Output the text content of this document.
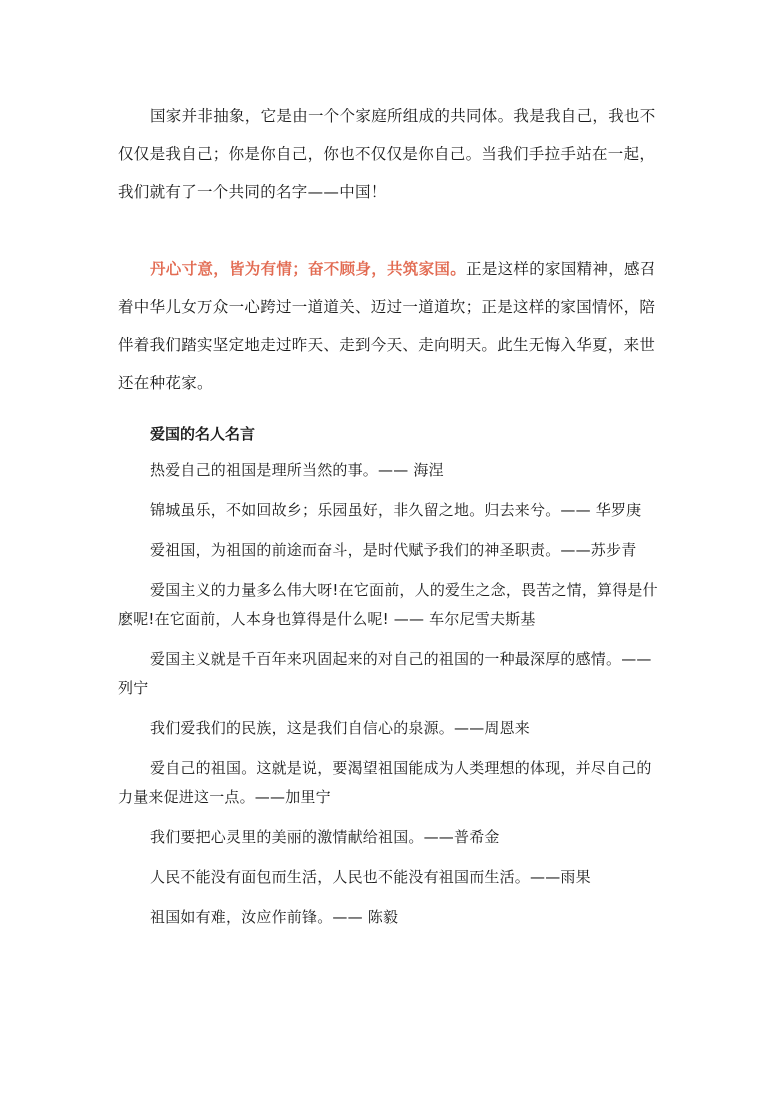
国家并非抽象，它是由一个个家庭所组成的共同体。我是我自己，我也不仅仅是我自己；你是你自己，你也不仅仅是你自己。当我们手拉手站在一起，我们就有了一个共同的名字——中国！

丹心寸意，皆为有情；奋不顾身，共筑家国。正是这样的家国精神，感召着中华儿女万众一心跨过一道道关、迈过一道道坎；正是这样的家国情怀，陪伴着我们踏实坚定地走过昨天、走到今天、走向明天。此生无悔入华夏，来世还在种花家。

爱国的名人名言

热爱自己的祖国是理所当然的事。—— 海涅

锦城虽乐，不如回故乡；乐园虽好，非久留之地。归去来兮。—— 华罗庚

爱祖国，为祖国的前途而奋斗，是时代赋予我们的神圣职责。——苏步青

爱国主义的力量多么伟大呀!在它面前，人的爱生之念，畏苦之情，算得是什麽呢!在它面前，人本身也算得是什么呢! —— 车尔尼雪夫斯基

爱国主义就是千百年来巩固起来的对自己的祖国的一种最深厚的感情。——列宁

我们爱我们的民族，这是我们自信心的泉源。——周恩来

爱自己的祖国。这就是说，要渴望祖国能成为人类理想的体现，并尽自己的力量来促进这一点。——加里宁

我们要把心灵里的美丽的激情献给祖国。——普希金

人民不能没有面包而生活，人民也不能没有祖国而生活。——雨果

祖国如有难，汝应作前锋。—— 陈毅
